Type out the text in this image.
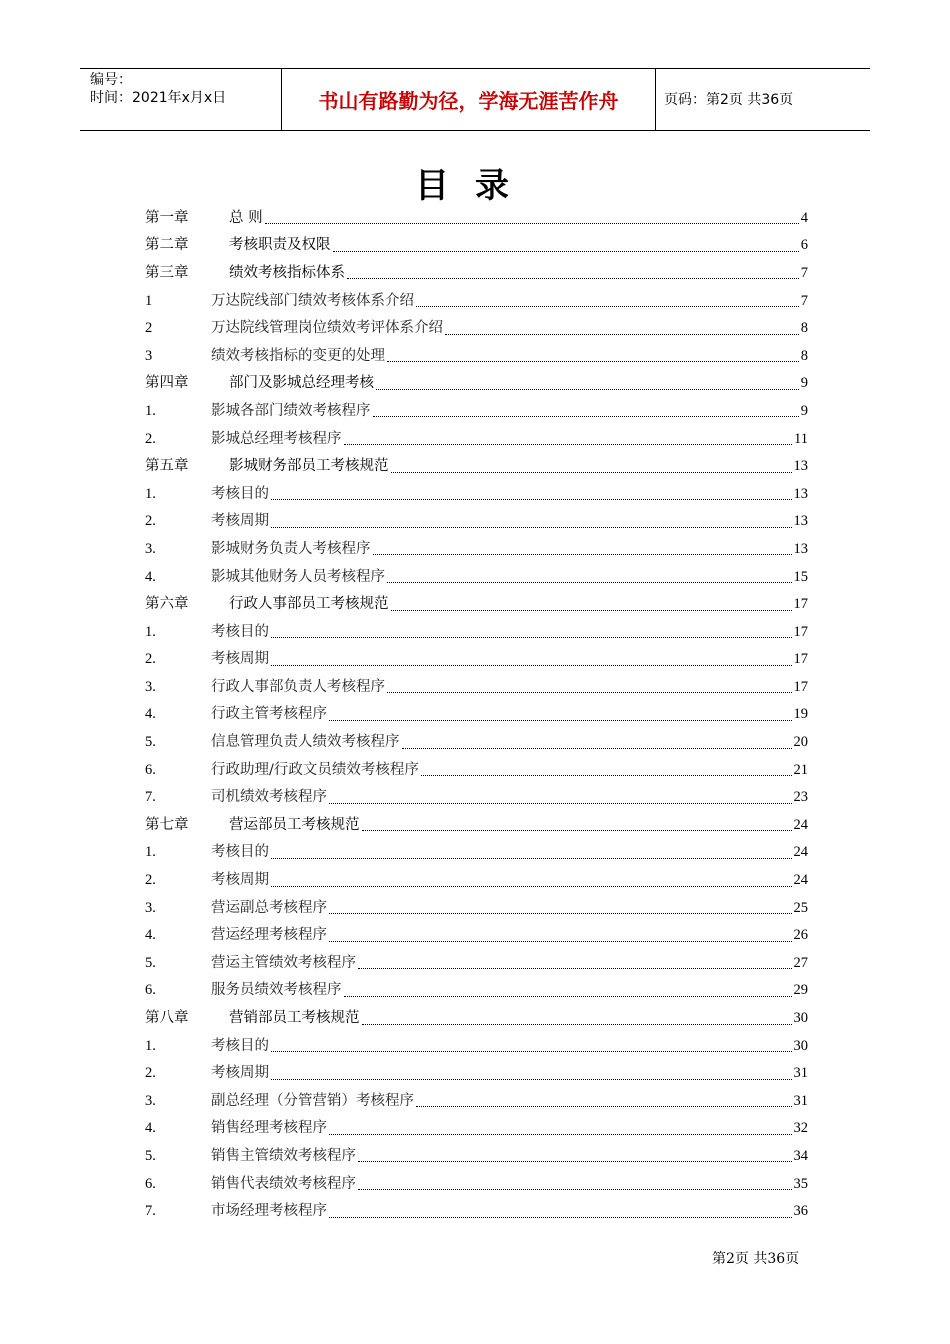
编号：
时间：2021年x月x日	书山有路勤为径，学海无涯苦作舟	页码：第2页 共36页
目录
第一章	总 则	4
第二章	考核职责及权限	6
第三章	绩效考核指标体系	7
1	万达院线部门绩效考核体系介绍	7
2	万达院线管理岗位绩效考评体系介绍	8
3	绩效考核指标的变更的处理	8
第四章	部门及影城总经理考核	9
1.	影城各部门绩效考核程序	9
2.	影城总经理考核程序	11
第五章	影城财务部员工考核规范	13
1.	考核目的	13
2.	考核周期	13
3.	影城财务负责人考核程序	13
4.	影城其他财务人员考核程序	15
第六章	行政人事部员工考核规范	17
1.	考核目的	17
2.	考核周期	17
3.	行政人事部负责人考核程序	17
4.	行政主管考核程序	19
5.	信息管理负责人绩效考核程序	20
6.	行政助理/行政文员绩效考核程序	21
7.	司机绩效考核程序	23
第七章	营运部员工考核规范	24
1.	考核目的	24
2.	考核周期	24
3.	营运副总考核程序	25
4.	营运经理考核程序	26
5.	营运主管绩效考核程序	27
6.	服务员绩效考核程序	29
第八章	营销部员工考核规范	30
1.	考核目的	30
2.	考核周期	31
3.	副总经理（分管营销）考核程序	31
4.	销售经理考核程序	32
5.	销售主管绩效考核程序	34
6.	销售代表绩效考核程序	35
7.	市场经理考核程序	36
第2页 共36页
